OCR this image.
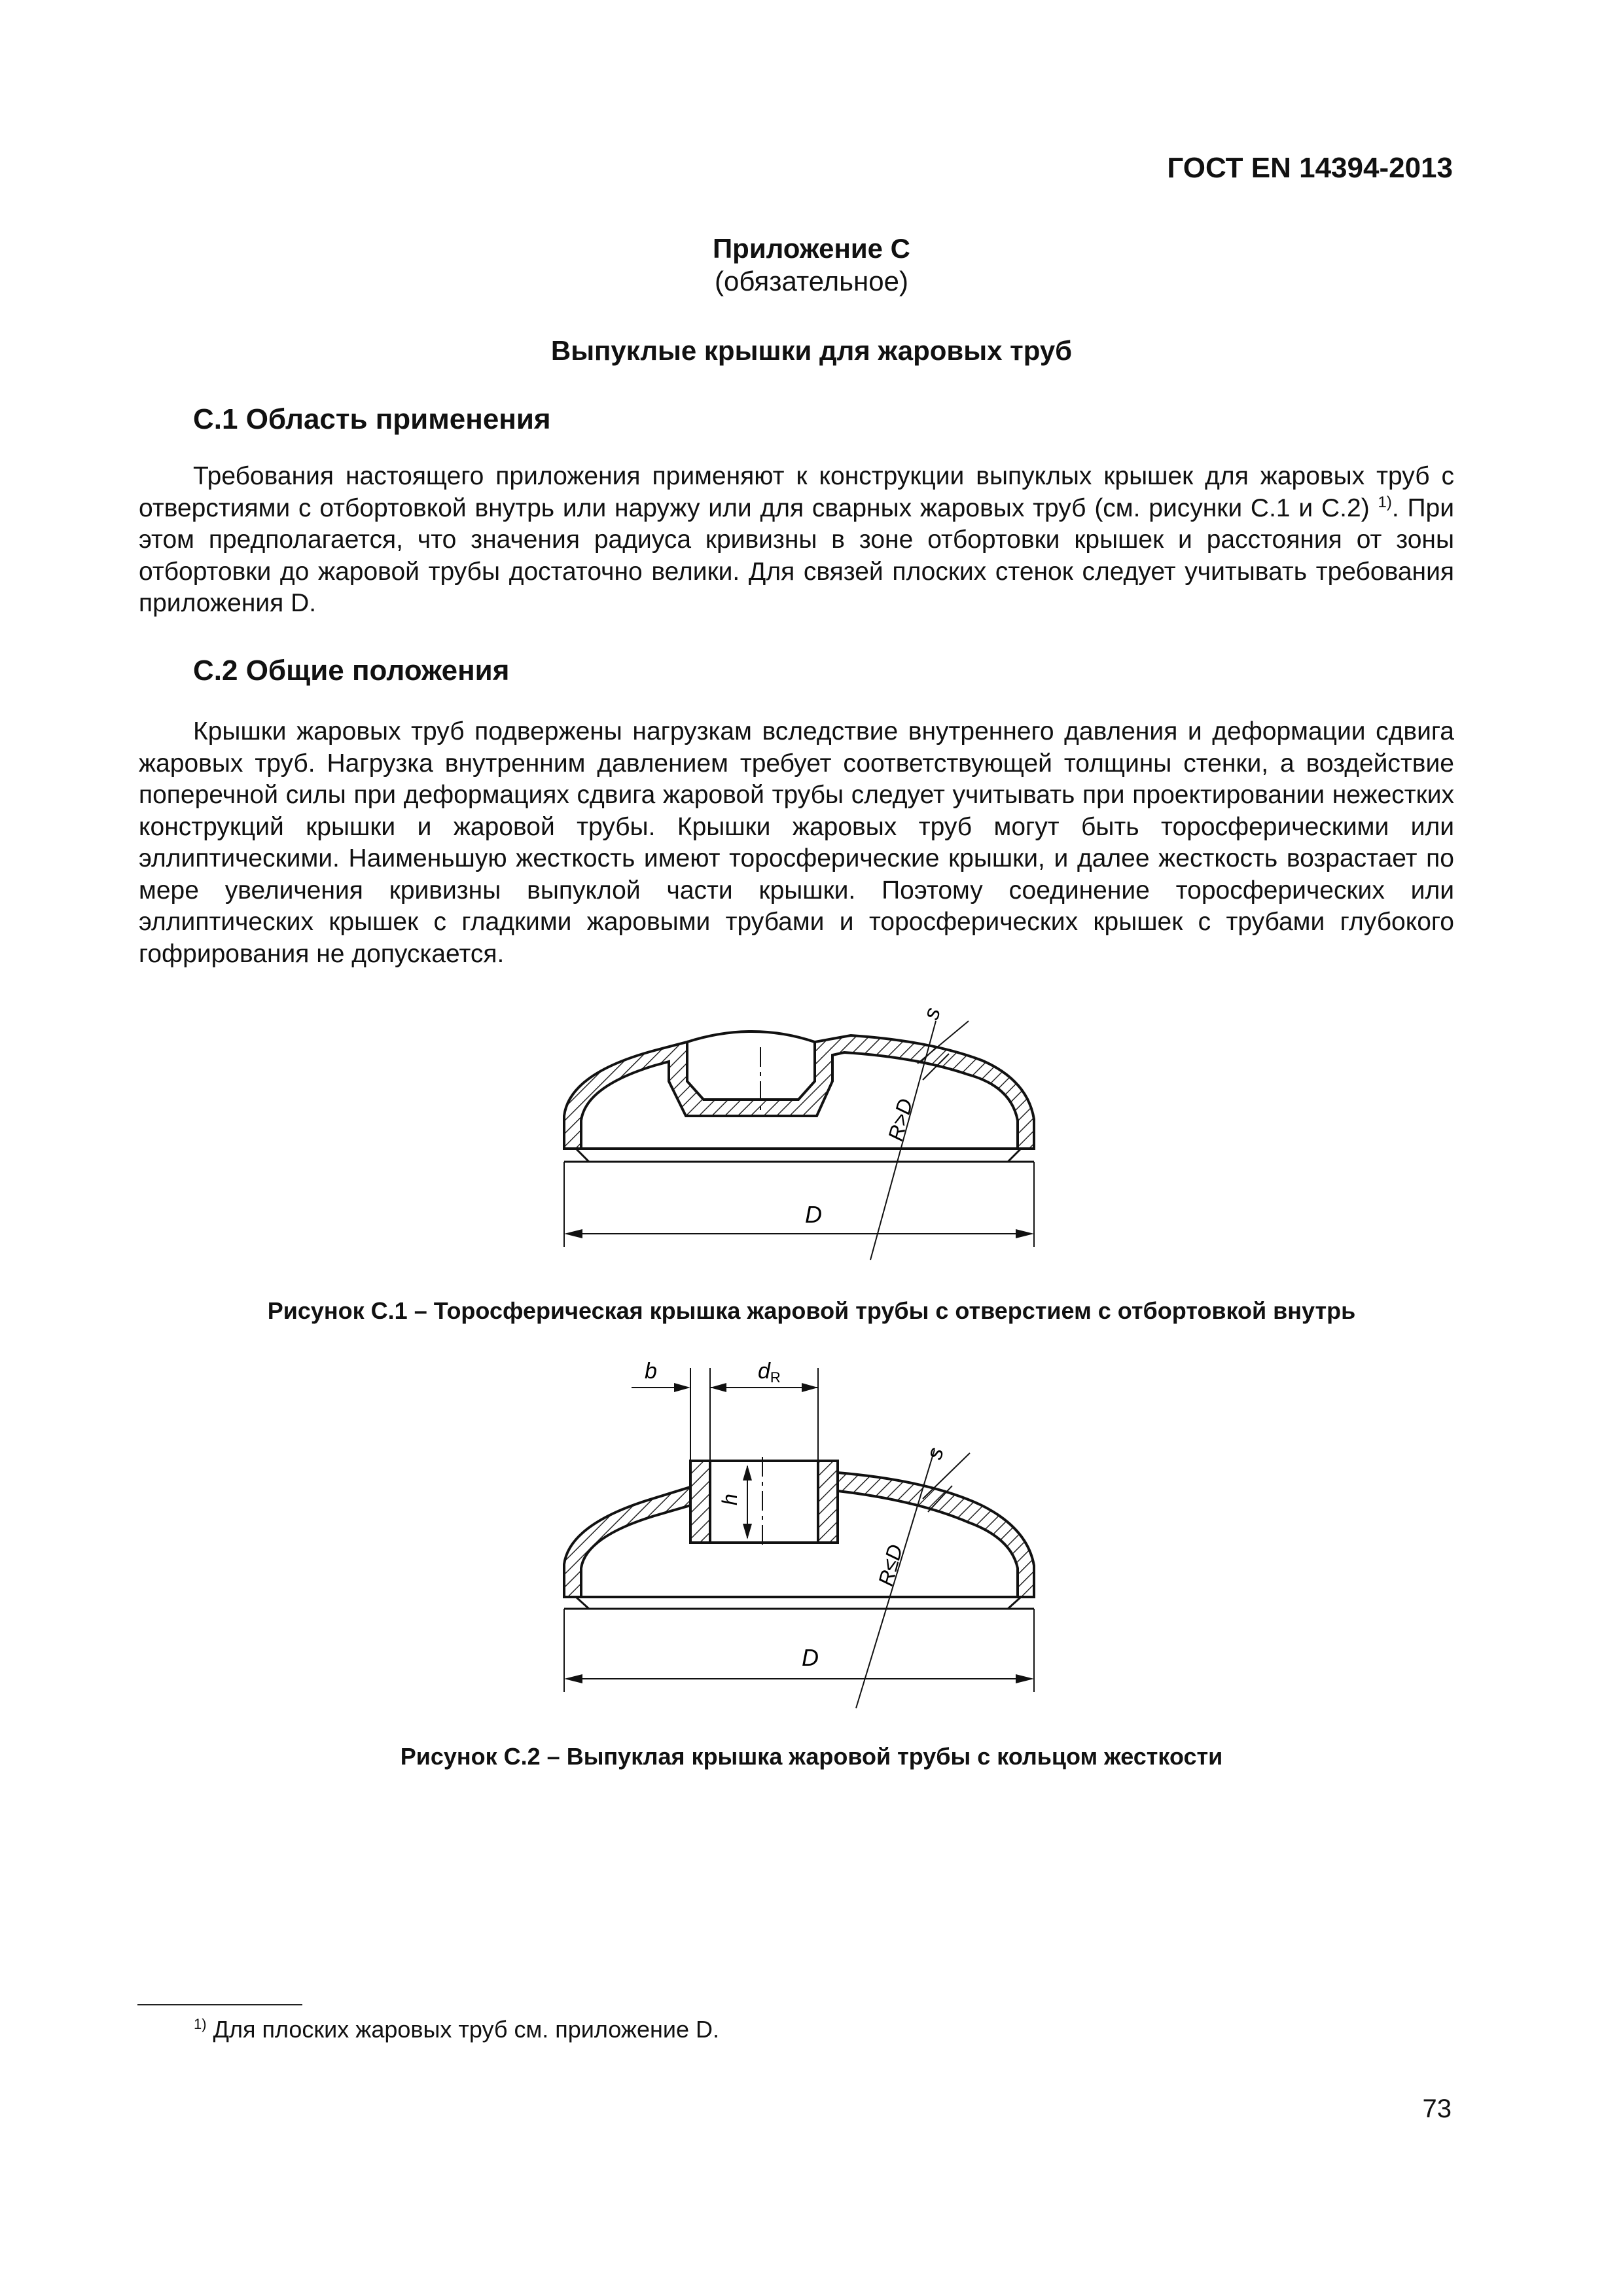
ГОСТ EN 14394-2013
Приложение C
(обязательное)
Выпуклые крышки для жаровых труб
C.1 Область применения

Требования настоящего приложения применяют к конструкции выпуклых крышек для жаровых труб с отверстиями с отбортовкой внутрь или наружу или для сварных жаровых труб (см. рисунки C.1 и C.2) $^{1)}$. При этом предполагается, что значения радиуса кривизны в зоне отбортовки крышек и расстояния от зоны отбортовки до жаровой трубы достаточно велики. Для связей плоских стенок следует учитывать требования приложения D.

C.2 Общие положения

Крышки жаровых труб подвержены нагрузкам вследствие внутреннего давления и деформации сдвига жаровых труб. Нагрузка внутренним давлением требует соответствующей толщины стенки, а воздействие поперечной силы при деформациях сдвига жаровой трубы следует учитывать при проектировании нежестких конструкций крышки и жаровой трубы. Крышки жаровых труб могут быть торосферическими или эллиптическими. Наименьшую жесткость имеют торосферические крышки, и далее жесткость возрастает по мере увеличения кривизны выпуклой части крышки. Поэтому соединение торосферических или эллиптических крышек с гладкими жаровыми трубами и торосферических крышек с трубами глубокого гофрирования не допускается.

D
s
R>D
Рисунок C.1 – Торосферическая крышка жаровой трубы с отверстием с отбортовкой внутрь
b	dR
h
D
s
R≤D
Рисунок C.2 – Выпуклая крышка жаровой трубы с кольцом жесткости
$^{1)}$ Для плоских жаровых труб см. приложение D.
73
